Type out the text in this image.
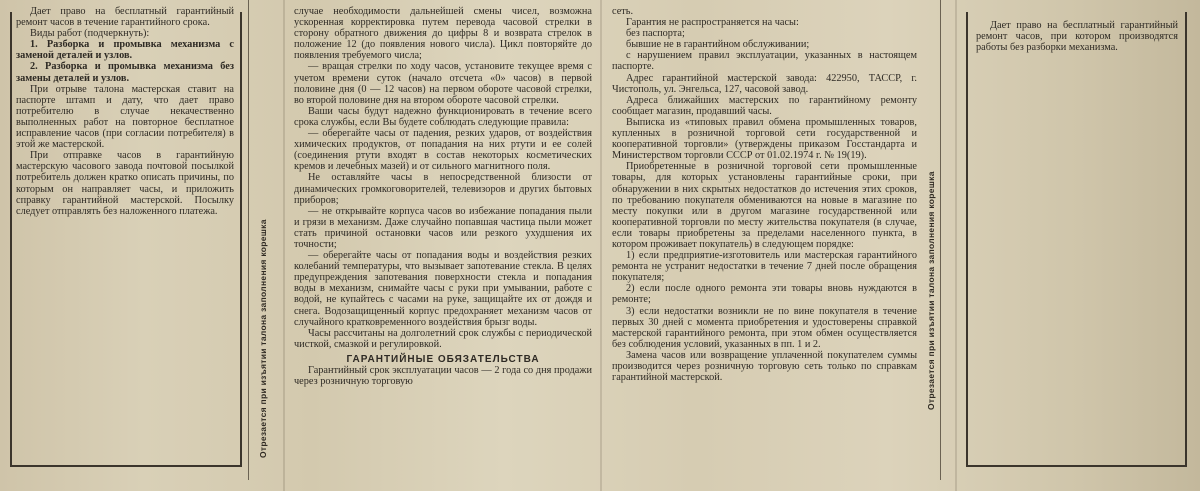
Дает право на бесплатный гарантийный ремонт часов в течение гарантийного срока.

Виды работ (подчеркнуть):

1. Разборка и промывка механизма с заменой деталей и узлов.

2. Разборка и промывка механизма без замены деталей и узлов.

При отрыве талона мастерская ставит на паспорте штамп и дату, что дает право потребителю в случае некачественно выполненных работ на повторное бесплатное исправление часов (при согласии потребителя) в этой же мастерской.

При отправке часов в гарантийную мастерскую часового завода почтовой посылкой потребитель должен кратко описать причины, по которым он направляет часы, и приложить справку гарантийной мастерской. Посылку следует отправлять без наложенного платежа.

Отрезается при изъятии талона заполнения корешка

случае необходимости дальнейшей смены чисел, возможна ускоренная корректировка путем перевода часовой стрелки в сторону обратного движения до цифры 8 и возврата стрелок в положение 12 (до появления нового числа). Цикл повторяйте до появления требуемого числа;

— вращая стрелки по ходу часов, установите текущее время с учетом времени суток (начало отсчета «0» часов) в первой половине дня (0 — 12 часов) на первом обороте часовой стрелки, во второй половине дня на втором обороте часовой стрелки.

Ваши часы будут надежно функционировать в течение всего срока службы, если Вы будете соблюдать следующие правила:

— оберегайте часы от падения, резких ударов, от воздействия химических продуктов, от попадания на них ртути и ее солей (соединения ртути входят в состав некоторых косметических кремов и лечебных мазей) и от сильного магнитного поля.

Не оставляйте часы в непосредственной близости от динамических громкоговорителей, телевизоров и других бытовых приборов;

— не открывайте корпуса часов во избежание попадания пыли и грязи в механизм. Даже случайно попавшая частица пыли может стать причиной остановки часов или резкого ухудшения их точности;

— оберегайте часы от попадания воды и воздействия резких колебаний температуры, что вызывает запотевание стекла. В целях предупреждения запотевания поверхности стекла и попадания воды в механизм, снимайте часы с руки при умывании, работе с водой, не купайтесь с часами на руке, защищайте их от дождя и снега. Водозащищенный корпус предохраняет механизм часов от случайного кратковременного воздействия брызг воды.

Часы рассчитаны на долголетний срок службы с периодической чисткой, смазкой и регулировкой.

ГАРАНТИЙНЫЕ ОБЯЗАТЕЛЬСТВА

Гарантийный срок эксплуатации часов — 2 года со дня продажи через розничную торговую

сеть.

Гарантия не распространяется на часы:

без паспорта;

бывшие не в гарантийном обслуживании;

с нарушением правил эксплуатации, указанных в настоящем паспорте.

Адрес гарантийной мастерской завода: 422950, ТАССР, г. Чистополь, ул. Энгельса, 127, часовой завод.

Адреса ближайших мастерских по гарантийному ремонту сообщает магазин, продавший часы.

Выписка из «типовых правил обмена промышленных товаров, купленных в розничной торговой сети государственной и кооперативной торговли» (утверждены приказом Госстандарта и Министерством торговли СССР от 01.02.1974 г. № 19(19).

Приобретенные в розничной торговой сети промышленные товары, для которых установлены гарантийные сроки, при обнаружении в них скрытых недостатков до истечения этих сроков, по требованию покупателя обмениваются на новые в магазине по месту покупки или в другом магазине государственной или кооперативной торговли по месту жительства покупателя (в случае, если товары приобретены за пределами населенного пункта, в котором проживает покупатель) в следующем порядке:

1) если предприятие-изготовитель или мастерская гарантийного ремонта не устранит недостатки в течение 7 дней после обращения покупателя;

2) если после одного ремонта эти товары вновь нуждаются в ремонте;

3) если недостатки возникли не по вине покупателя в течение первых 30 дней с момента приобретения и удостоверены справкой мастерской гарантийного ремонта, при этом обмен осуществляется без соблюдения условий, указанных в пп. 1 и 2.

Замена часов или возвращение уплаченной покупателем суммы производится через розничную торговую сеть только по справкам гарантийной мастерской.	Отрезается при изъятии талона заполнения корешка

Дает право на бесплатный гарантийный ремонт часов, при котором производятся работы без разборки механизма.
